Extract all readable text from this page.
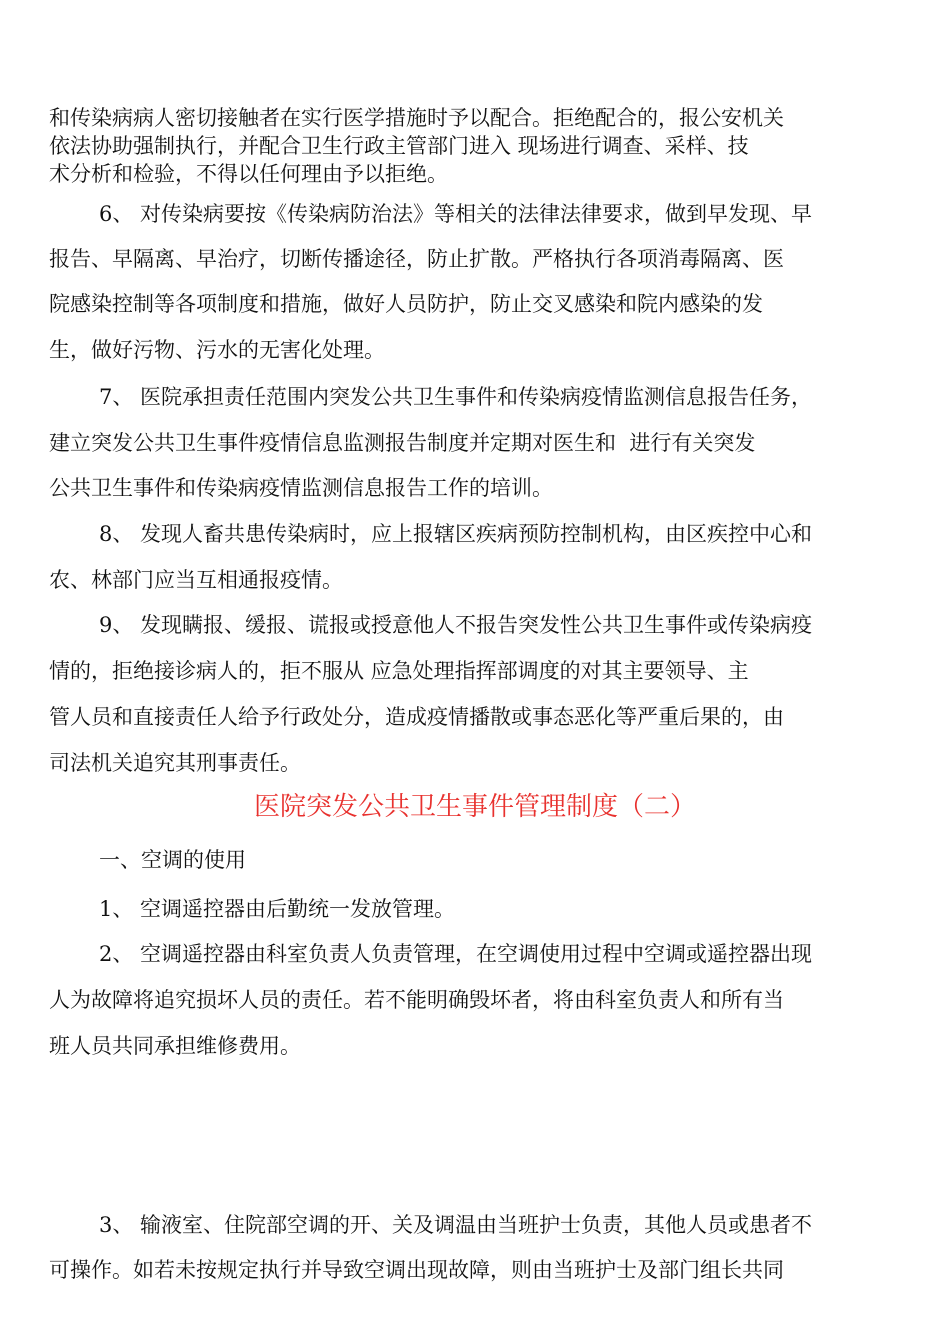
和传染病病人密切接触者在实行医学措施时予以配合。拒绝配合的，报公安机关
依法协助强制执行，并配合卫生行政主管部门进入 现场进行调查、采样、技
术分析和检验，不得以任何理由予以拒绝。
6、 对传染病要按《传染病防治法》等相关的法律法律要求，做到早发现、早
报告、早隔离、早治疗，切断传播途径，防止扩散。严格执行各项消毒隔离、医
院感染控制等各项制度和措施，做好人员防护，防止交叉感染和院内感染的发
生，做好污物、污水的无害化处理。
7、 医院承担责任范围内突发公共卫生事件和传染病疫情监测信息报告任务，
建立突发公共卫生事件疫情信息监测报告制度并定期对医生和  进行有关突发
公共卫生事件和传染病疫情监测信息报告工作的培训。
8、 发现人畜共患传染病时，应上报辖区疾病预防控制机构，由区疾控中心和
农、林部门应当互相通报疫情。
9、 发现瞒报、缓报、谎报或授意他人不报告突发性公共卫生事件或传染病疫
情的，拒绝接诊病人的，拒不服从 应急处理指挥部调度的对其主要领导、主
管人员和直接责任人给予行政处分，造成疫情播散或事态恶化等严重后果的，由
司法机关追究其刑事责任。
医院突发公共卫生事件管理制度（二）
一、空调的使用
1、 空调遥控器由后勤统一发放管理。
2、 空调遥控器由科室负责人负责管理，在空调使用过程中空调或遥控器出现
人为故障将追究损坏人员的责任。若不能明确毁坏者，将由科室负责人和所有当
班人员共同承担维修费用。
3、 输液室、住院部空调的开、关及调温由当班护士负责，其他人员或患者不
可操作。如若未按规定执行并导致空调出现故障，则由当班护士及部门组长共同
